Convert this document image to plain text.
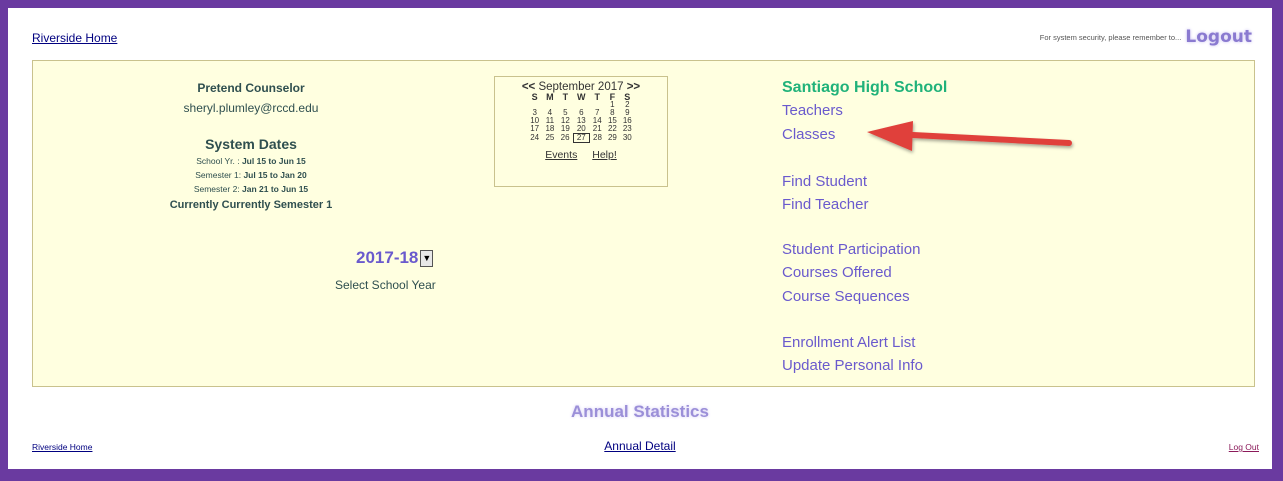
Riverside Home	For system security, please remember to... Logout
Pretend Counselor
sheryl.plumley@rccd.edu
System Dates
School Yr. : Jul 15 to Jun 15
Semester 1: Jul 15 to Jan 20
Semester 2: Jan 21 to Jun 15
Currently Currently Semester 1
<< September 2017 >>
S	M	T	W	T	F	S
					1	2
3	4	5	6	7	8	9
10	11	12	13	14	15	16
17	18	19	20	21	22	23
24	25	26	27	28	29	30
Events Help!
2017-18 ▼
Select School Year
Santiago High School
Teachers
Classes
Find Student
Find Teacher
Student Participation
Courses Offered
Course Sequences
Enrollment Alert List
Update Personal Info
Annual Statistics
Riverside Home	Annual Detail	Log Out
